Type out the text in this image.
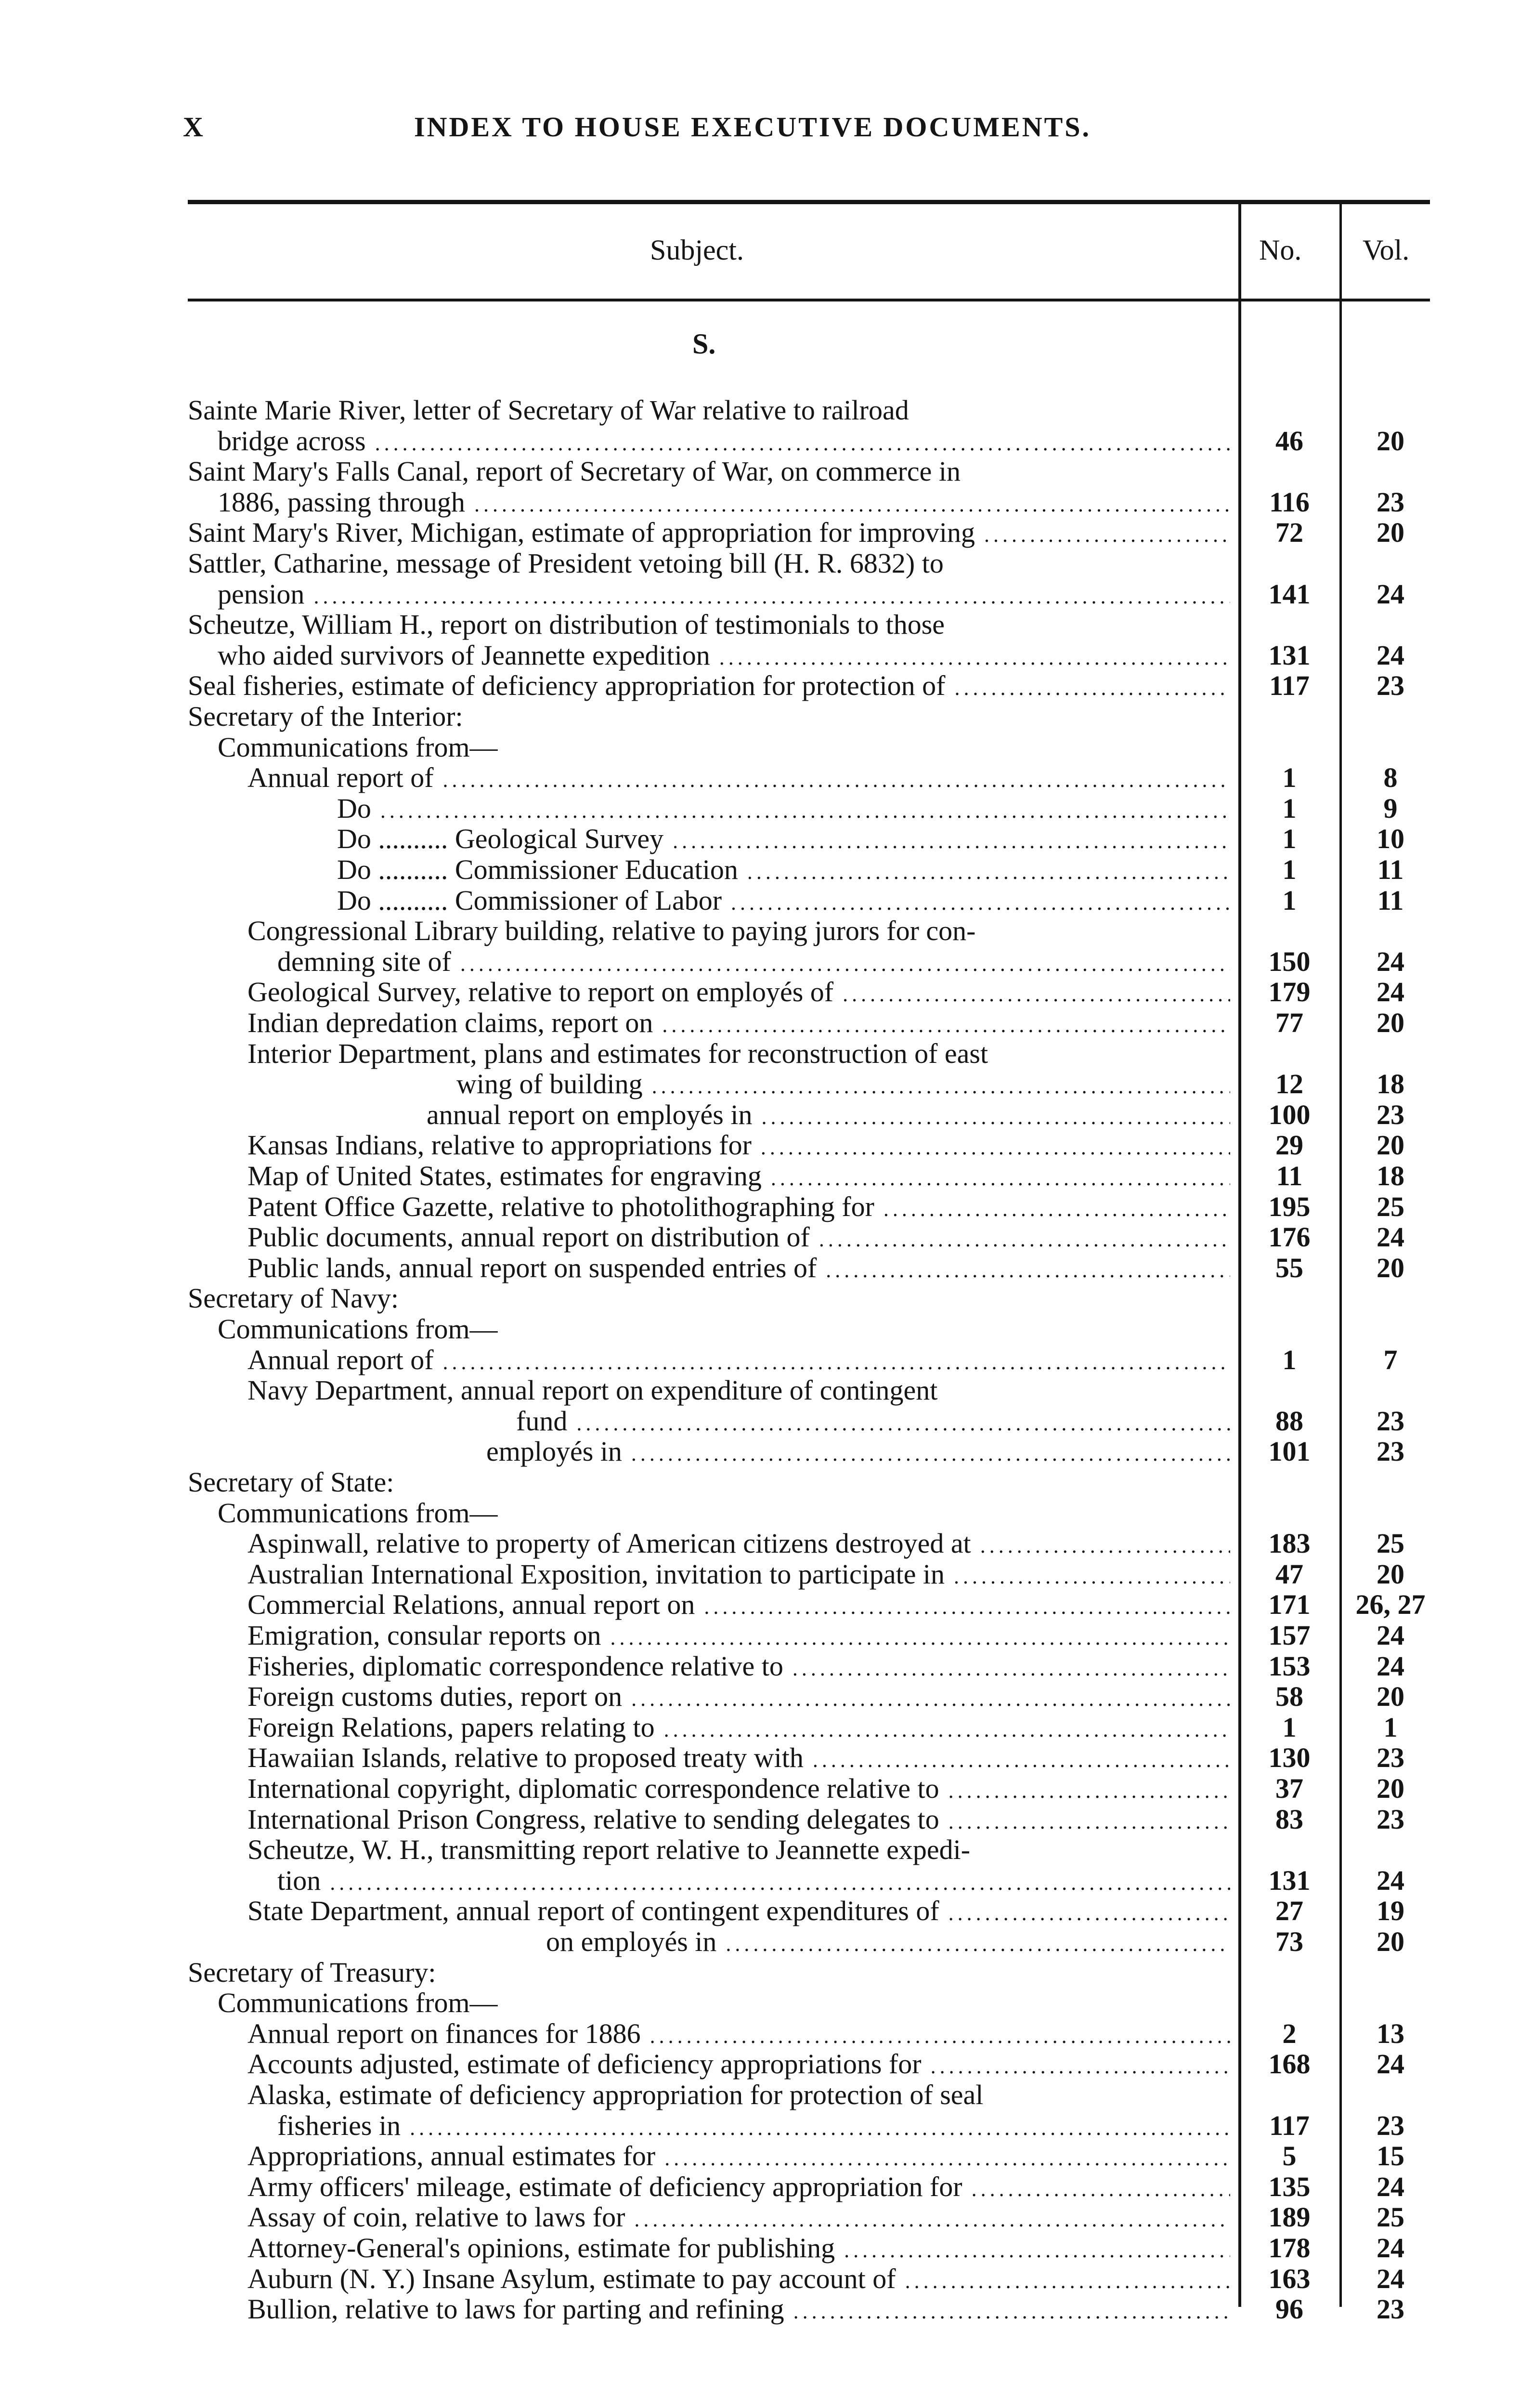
X	INDEX TO HOUSE EXECUTIVE DOCUMENTS.
Subject.	No. Vol.
S.
Sainte Marie River, letter of Secretary of War relative to railroad
bridge across .....	46	20
Saint Mary's Falls Canal, report of Secretary of War, on commerce in
1886, passing through .....	116	23
Saint Mary's River, Michigan, estimate of appropriation for improving .....	72	20
Sattler, Catharine, message of President vetoing bill (H. R. 6832) to
pension .....	141	24
Scheutze, William H., report on distribution of testimonials to those
who aided survivors of Jeannette expedition .....	131	24
Seal fisheries, estimate of deficiency appropriation for protection of .....	117	23
Secretary of the Interior:
Communications from—
Annual report of .....	1	8
Do .....	1	9
Do .......... Geological Survey .....	1	10
Do .......... Commissioner Education .....	1	11
Do .......... Commissioner of Labor .....	1	11
Congressional Library building, relative to paying jurors for con-
demning site of .....	150	24
Geological Survey, relative to report on employés of .....	179	24
Indian depredation claims, report on .....	77	20
Interior Department, plans and estimates for reconstruction of east
wing of building .....	12	18
annual report on employés in .....	100	23
Kansas Indians, relative to appropriations for .....	29	20
Map of United States, estimates for engraving .....	11	18
Patent Office Gazette, relative to photolithographing for .....	195	25
Public documents, annual report on distribution of .....	176	24
Public lands, annual report on suspended entries of .....	55	20
Secretary of Navy:
Communications from—
Annual report of .....	1	7
Navy Department, annual report on expenditure of contingent
fund .....	88	23
employés in .....	101	23
Secretary of State:
Communications from—
Aspinwall, relative to property of American citizens destroyed at .....	183	25
Australian International Exposition, invitation to participate in .....	47	20
Commercial Relations, annual report on .....	171	26, 27
Emigration, consular reports on .....	157	24
Fisheries, diplomatic correspondence relative to .....	153	24
Foreign customs duties, report on .....	58	20
Foreign Relations, papers relating to .....	1	1
Hawaiian Islands, relative to proposed treaty with .....	130	23
International copyright, diplomatic correspondence relative to .....	37	20
International Prison Congress, relative to sending delegates to .....	83	23
Scheutze, W. H., transmitting report relative to Jeannette expedi-
tion .....	131	24
State Department, annual report of contingent expenditures of .....	27	19
on employés in .....	73	20
Secretary of Treasury:
Communications from—
Annual report on finances for 1886 .....	2	13
Accounts adjusted, estimate of deficiency appropriations for .....	168	24
Alaska, estimate of deficiency appropriation for protection of seal
fisheries in .....	117	23
Appropriations, annual estimates for .....	5	15
Army officers' mileage, estimate of deficiency appropriation for .....	135	24
Assay of coin, relative to laws for .....	189	25
Attorney-General's opinions, estimate for publishing .....	178	24
Auburn (N. Y.) Insane Asylum, estimate to pay account of .....	163	24
Bullion, relative to laws for parting and refining .....	96	23
